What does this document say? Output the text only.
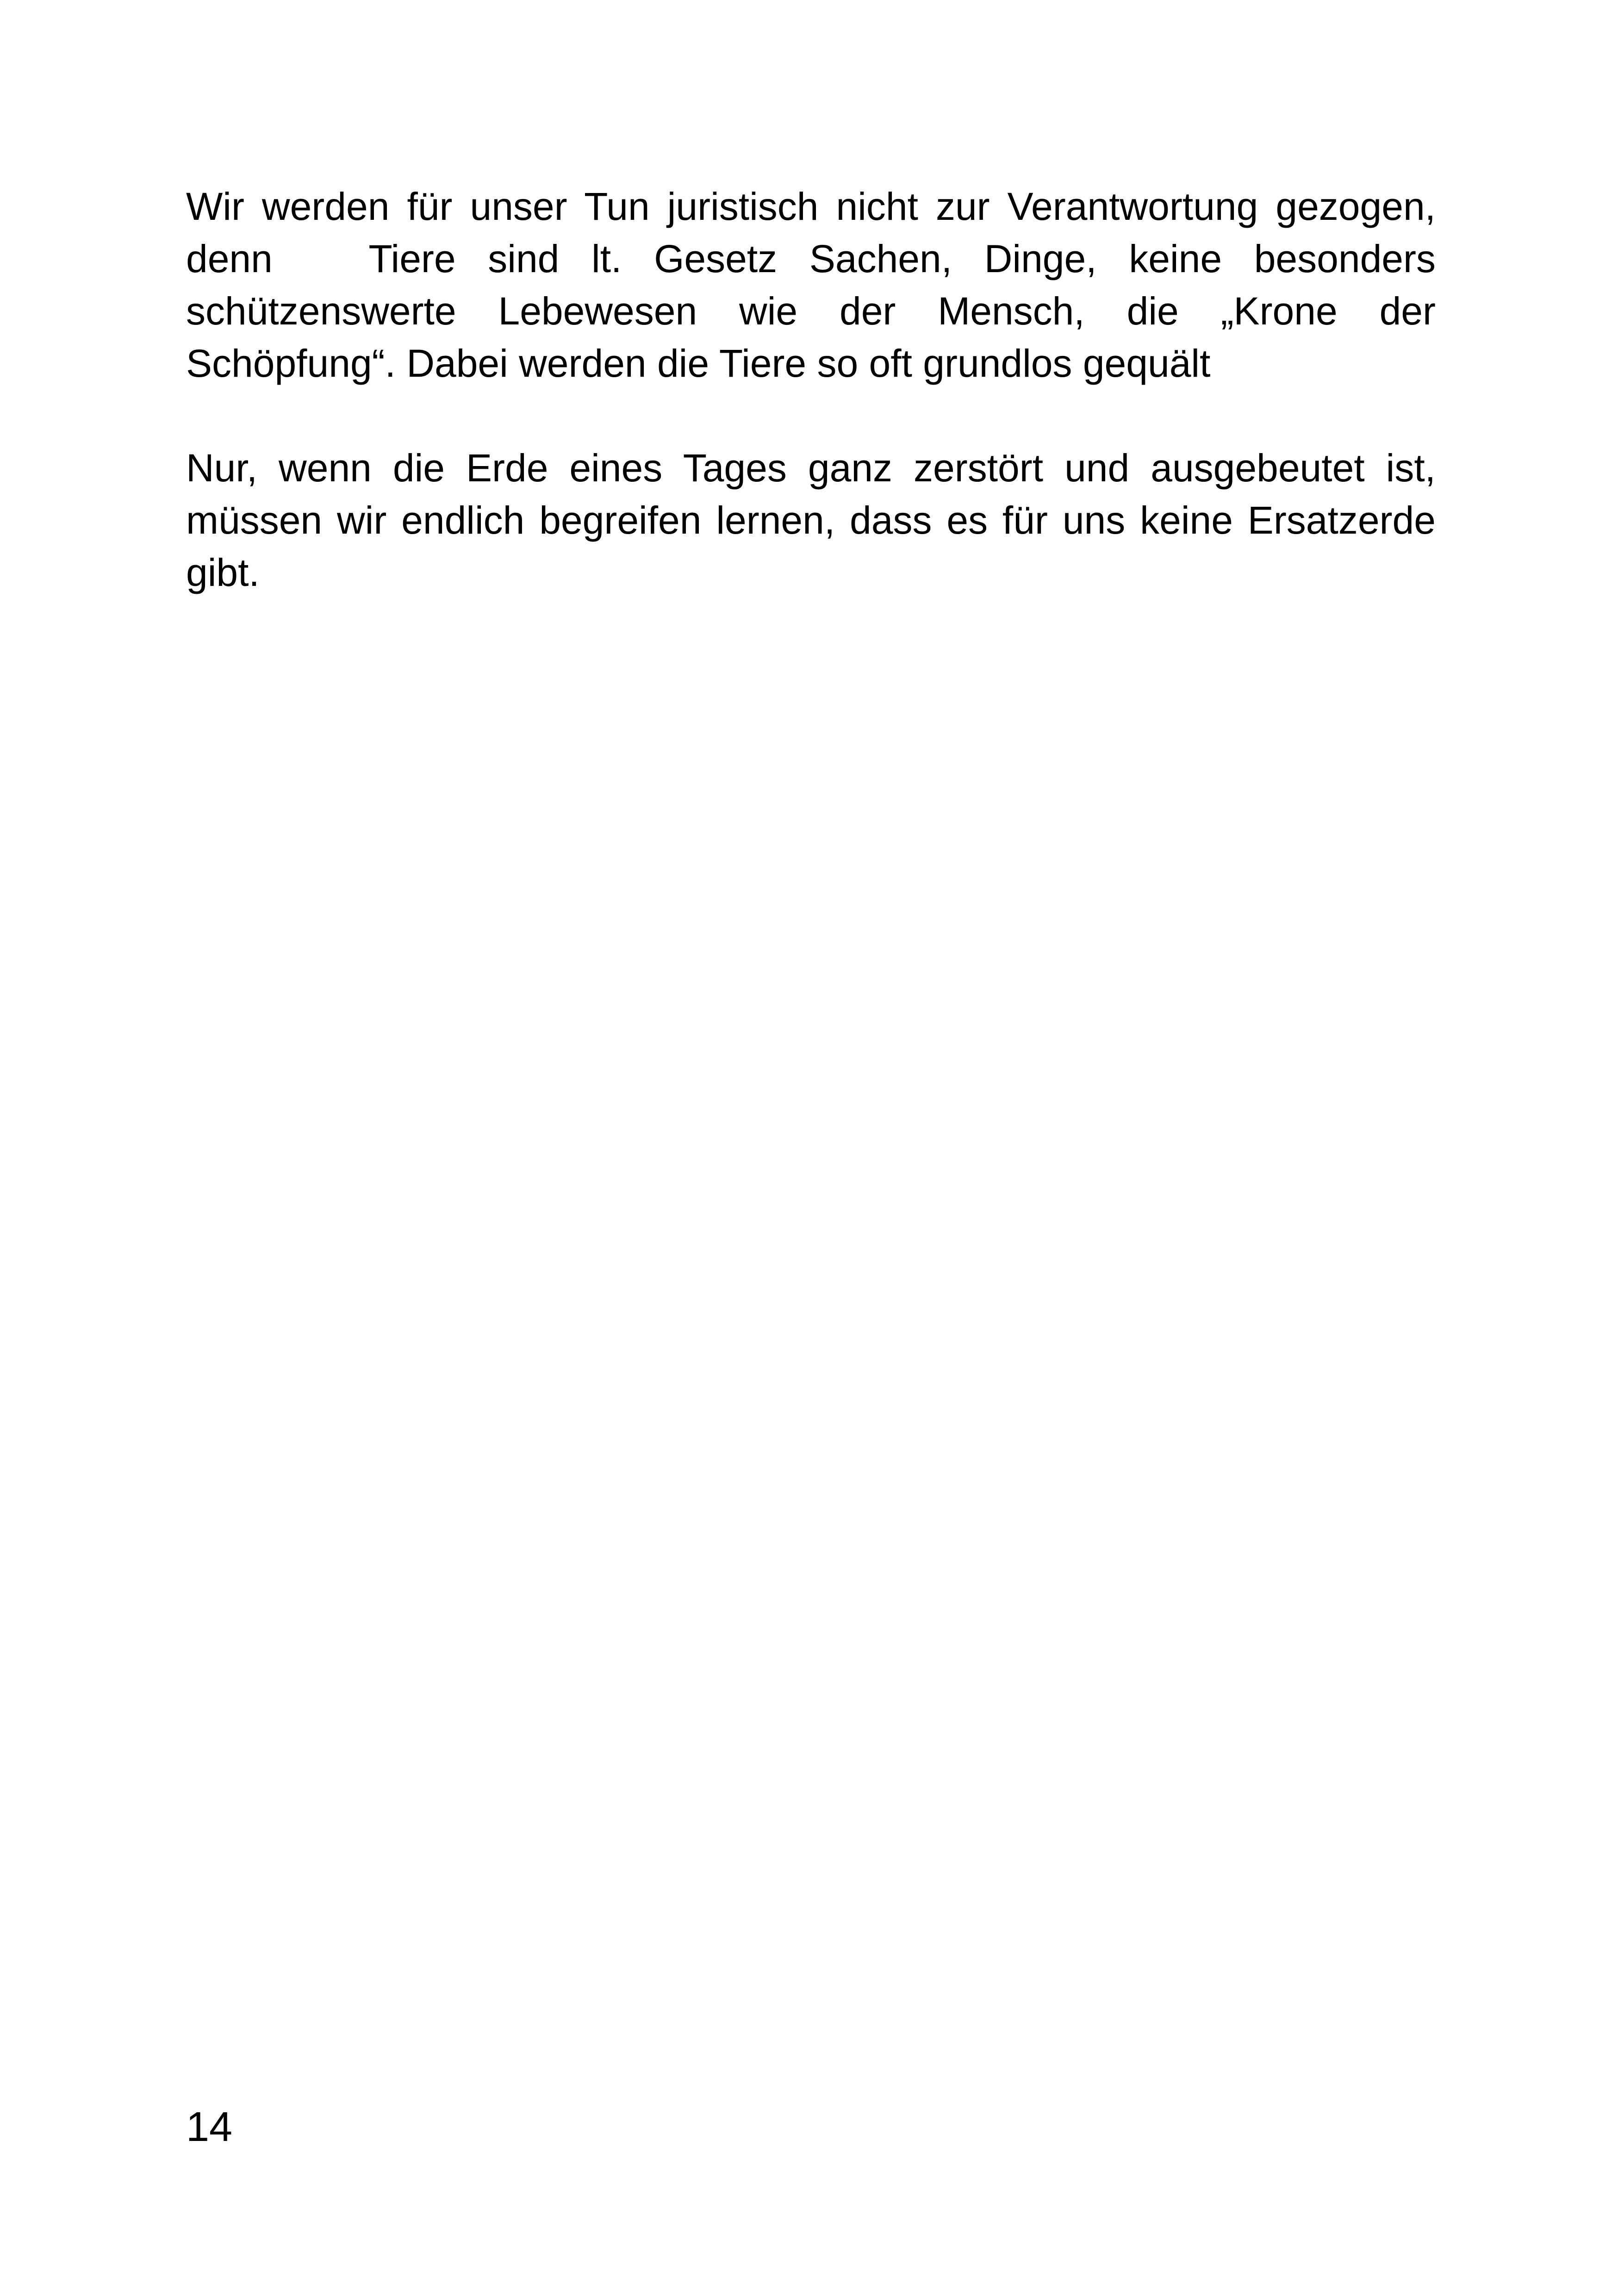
Wir werden für unser Tun juristisch nicht zur Verantwortung gezogen, denn   Tiere sind lt. Gesetz Sachen, Dinge, keine besonders schützenswerte Lebewesen wie der Mensch, die „Krone der Schöpfung“. Dabei werden die Tiere so oft grundlos gequält

Nur, wenn die Erde eines Tages ganz zerstört und ausgebeutet ist, müssen wir endlich begreifen lernen, dass es für uns keine Ersatzerde gibt.

14
